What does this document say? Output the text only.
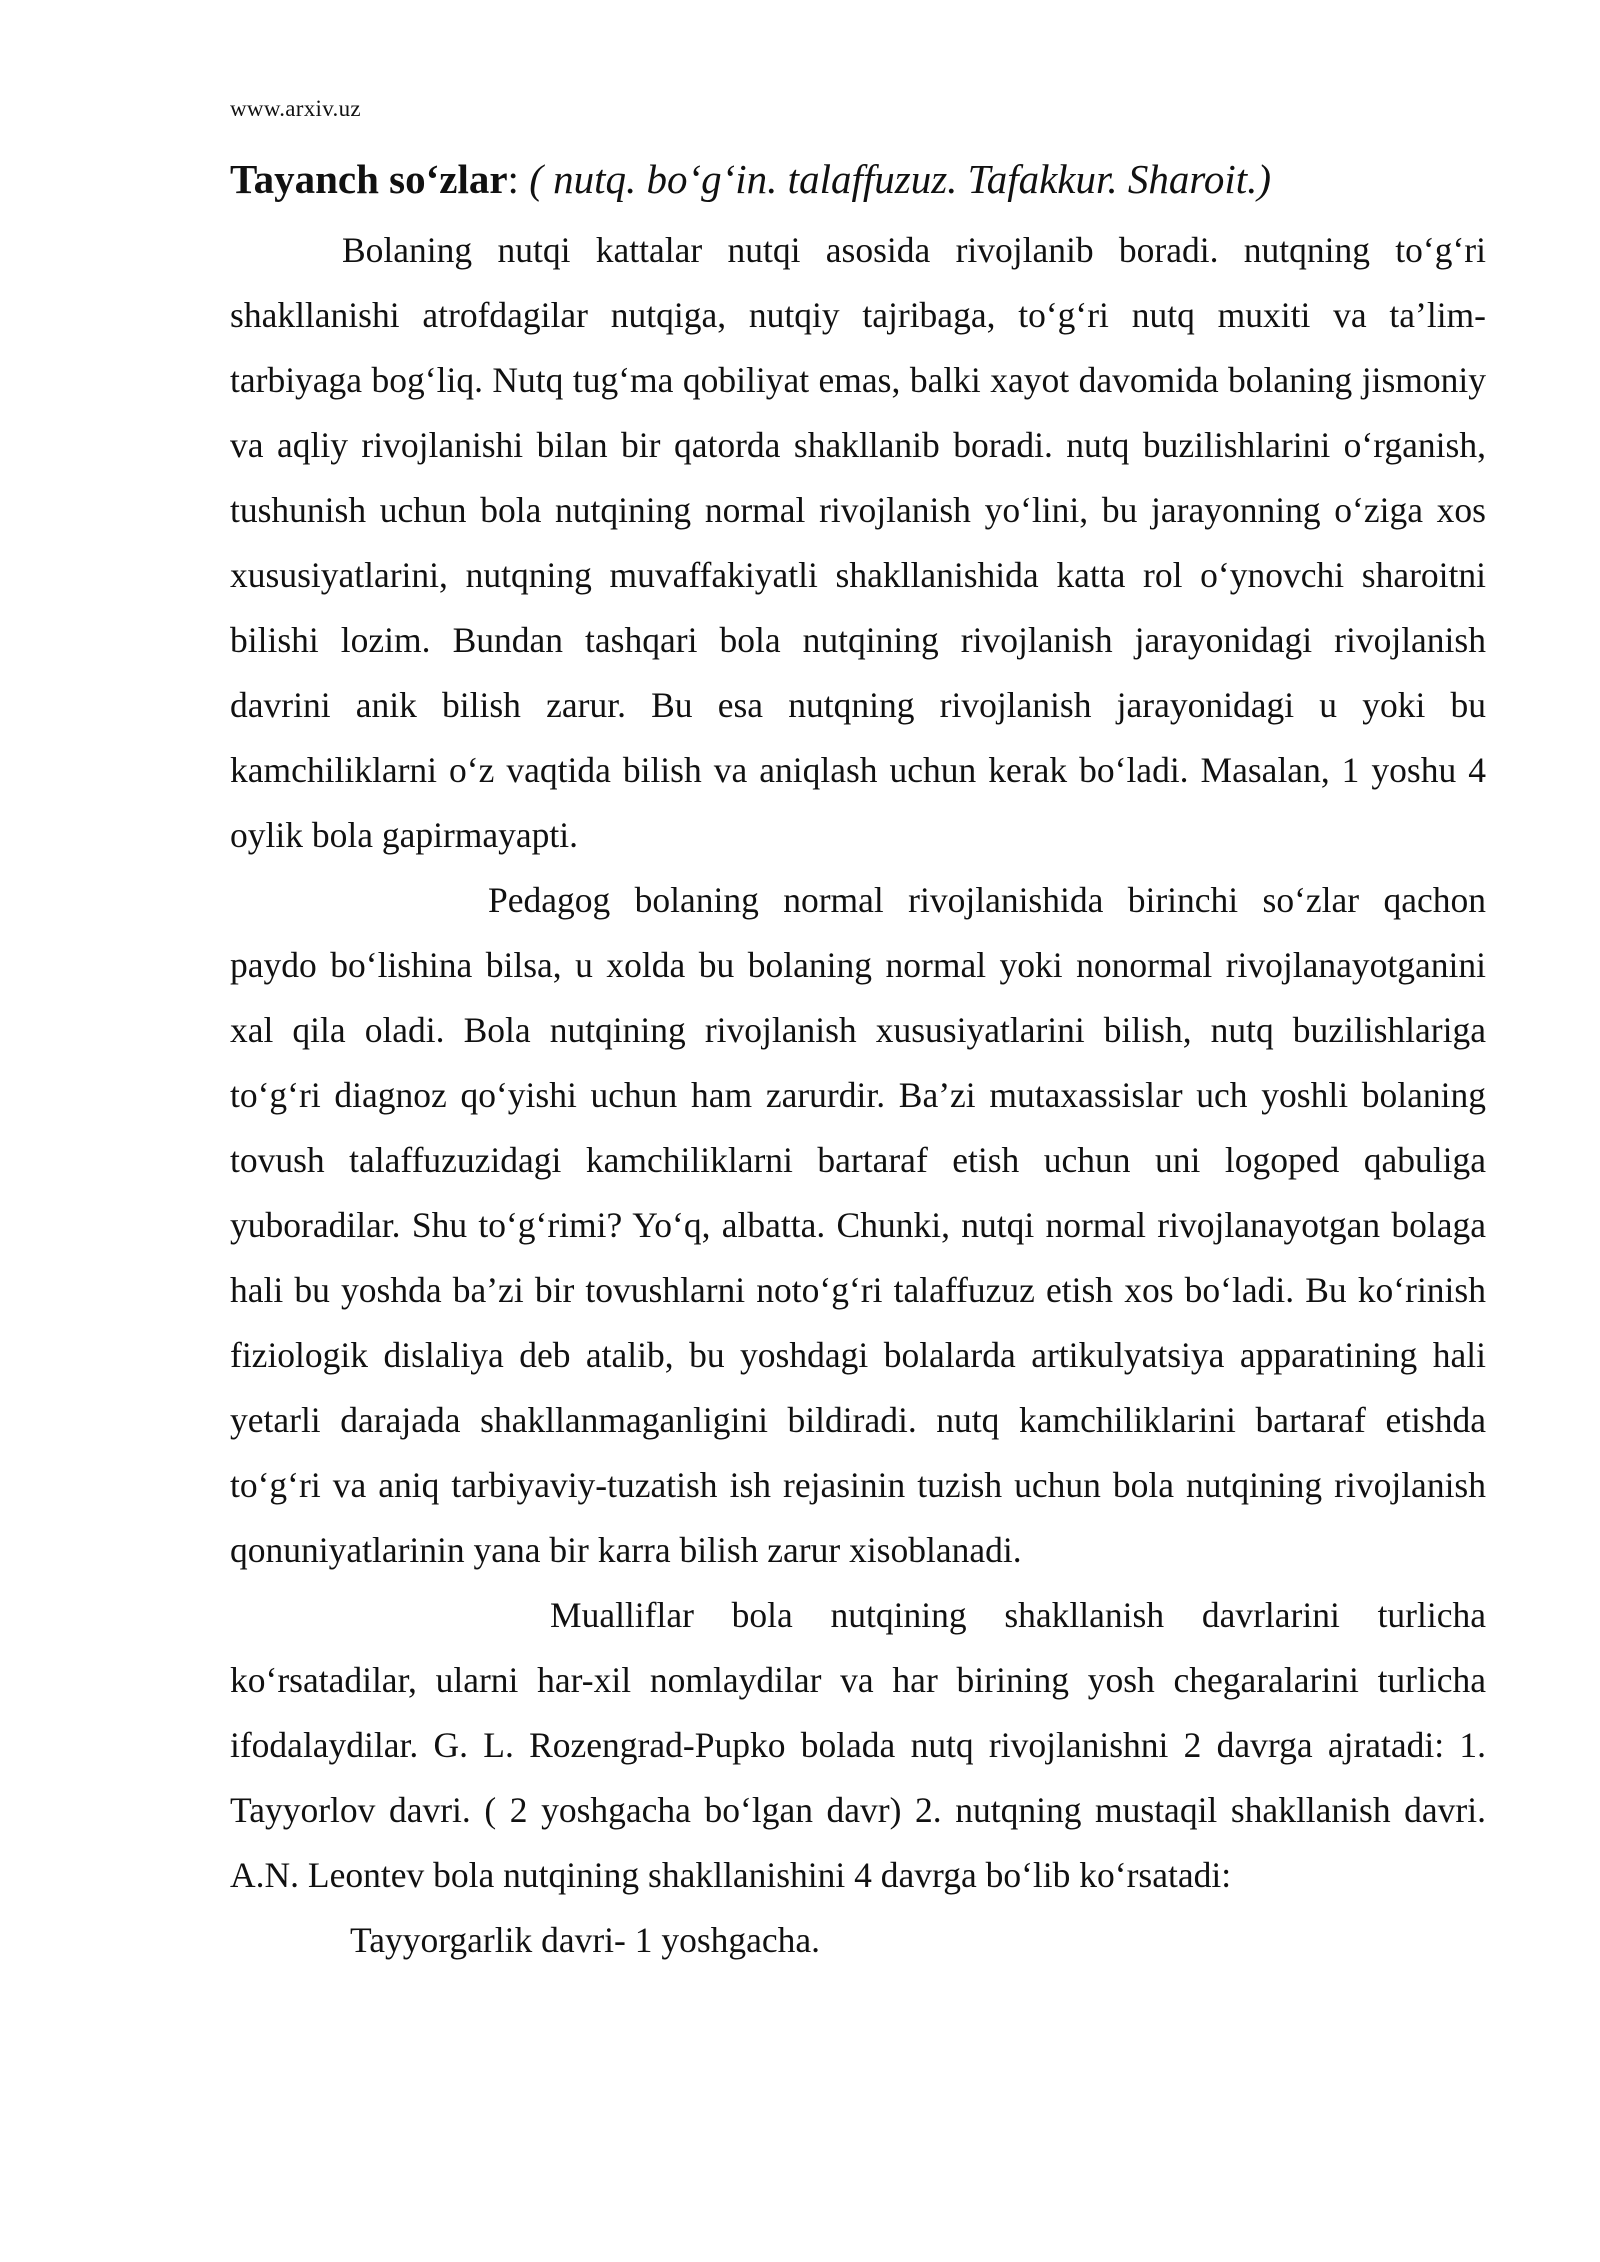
www.arxiv.uz
Tayanch so‘zlar: ( nutq. bo‘g‘in. talaffuzuz. Tafakkur. Sharoit.)

Bolaning nutqi kattalar nutqi asosida rivojlanib boradi. nutqning to‘g‘ri shakllanishi atrofdagilar nutqiga, nutqiy tajribaga, to‘g‘ri nutq muxiti va ta’lim-tarbiyaga bog‘liq. Nutq tug‘ma qobiliyat emas, balki xayot davomida bolaning jismoniy va aqliy rivojlanishi bilan bir qatorda shakllanib boradi. nutq buzilishlarini o‘rganish, tushunish uchun bola nutqining normal rivojlanish yo‘lini, bu jarayonning o‘ziga xos xususiyatlarini, nutqning muvaffakiyatli shakllanishida katta rol o‘ynovchi sharoitni bilishi lozim. Bundan tashqari bola nutqining rivojlanish jarayonidagi rivojlanish davrini anik bilish zarur. Bu esa nutqning rivojlanish jarayonidagi u yoki bu kamchiliklarni o‘z vaqtida bilish va aniqlash uchun kerak bo‘ladi. Masalan, 1 yoshu 4 oylik bola gapirmayapti.

Pedagog bolaning normal rivojlanishida birinchi so‘zlar qachon paydo bo‘lishina bilsa, u xolda bu bolaning normal yoki nonormal rivojlanayotganini xal qila oladi. Bola nutqining rivojlanish xususiyatlarini bilish, nutq buzilishlariga to‘g‘ri diagnoz qo‘yishi uchun ham zarurdir. Ba’zi mutaxassislar uch yoshli bolaning tovush talaffuzuzidagi kamchiliklarni bartaraf etish uchun uni logoped qabuliga yuboradilar. Shu to‘g‘rimi? Yo‘q, albatta. Chunki, nutqi normal rivojlanayotgan bolaga hali bu yoshda ba’zi bir tovushlarni noto‘g‘ri talaffuzuz etish xos bo‘ladi. Bu ko‘rinish fiziologik dislaliya deb atalib, bu yoshdagi bolalarda artikulyatsiya apparatining hali yetarli darajada shakllanmaganligini bildiradi. nutq kamchiliklarini bartaraf etishda to‘g‘ri va aniq tarbiyaviy-tuzatish ish rejasinin tuzish uchun bola nutqining rivojlanish qonuniyatlarinin yana bir karra bilish zarur xisoblanadi.

Mualliflar bola nutqining shakllanish davrlarini turlicha ko‘rsatadilar, ularni har-xil nomlaydilar va har birining yosh chegaralarini turlicha ifodalaydilar. G. L. Rozengrad-Pupko bolada nutq rivojlanishni 2 davrga ajratadi: 1. Tayyorlov davri. ( 2 yoshgacha bo‘lgan davr) 2. nutqning mustaqil shakllanish davri. A.N. Leontev bola nutqining shakllanishini 4 davrga bo‘lib ko‘rsatadi:

Tayyorgarlik davri- 1 yoshgacha.
